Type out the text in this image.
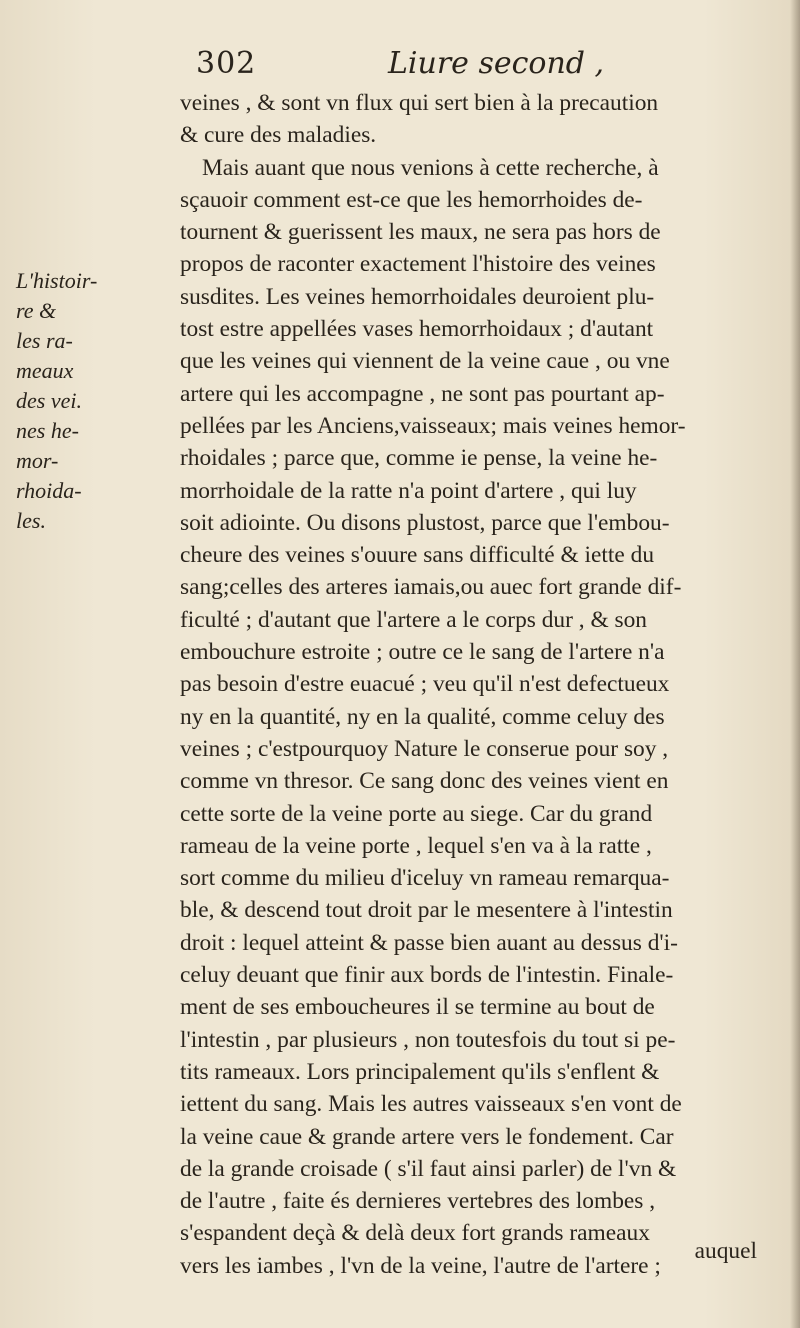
302	Liure second ,
L'histoir-
re &
les ra-
meaux
des vei.
nes he-
mor-
rhoida-
les.
veines , & sont vn flux qui sert bien à la precaution
& cure des maladies.
Mais auant que nous venions à cette recherche, à
sçauoir comment est-ce que les hemorrhoides de-
tournent & guerissent les maux, ne sera pas hors de
propos de raconter exactement l'histoire des veines
susdites. Les veines hemorrhoidales deuroient plu-
tost estre appellées vases hemorrhoidaux ; d'autant
que les veines qui viennent de la veine caue , ou vne
artere qui les accompagne , ne sont pas pourtant ap-
pellées par les Anciens,vaisseaux; mais veines hemor-
rhoidales ; parce que, comme ie pense, la veine he-
morrhoidale de la ratte n'a point d'artere , qui luy
soit adiointe. Ou disons plustost, parce que l'embou-
cheure des veines s'ouure sans difficulté & iette du
sang;celles des arteres iamais,ou auec fort grande dif-
ficulté ; d'autant que l'artere a le corps dur , & son
embouchure estroite ; outre ce le sang de l'artere n'a
pas besoin d'estre euacué ; veu qu'il n'est defectueux
ny en la quantité, ny en la qualité, comme celuy des
veines ; c'estpourquoy Nature le conserue pour soy ,
comme vn thresor. Ce sang donc des veines vient en
cette sorte de la veine porte au siege. Car du grand
rameau de la veine porte , lequel s'en va à la ratte ,
sort comme du milieu d'iceluy vn rameau remarqua-
ble, & descend tout droit par le mesentere à l'intestin
droit : lequel atteint & passe bien auant au dessus d'i-
celuy deuant que finir aux bords de l'intestin. Finale-
ment de ses emboucheures il se termine au bout de
l'intestin , par plusieurs , non toutesfois du tout si pe-
tits rameaux. Lors principalement qu'ils s'enflent &
iettent du sang. Mais les autres vaisseaux s'en vont de
la veine caue & grande artere vers le fondement. Car
de la grande croisade ( s'il faut ainsi parler) de l'vn &
de l'autre , faite és dernieres vertebres des lombes ,
s'espandent deçà & delà deux fort grands rameaux
vers les iambes , l'vn de la veine, l'autre de l'artere ;
auquel
